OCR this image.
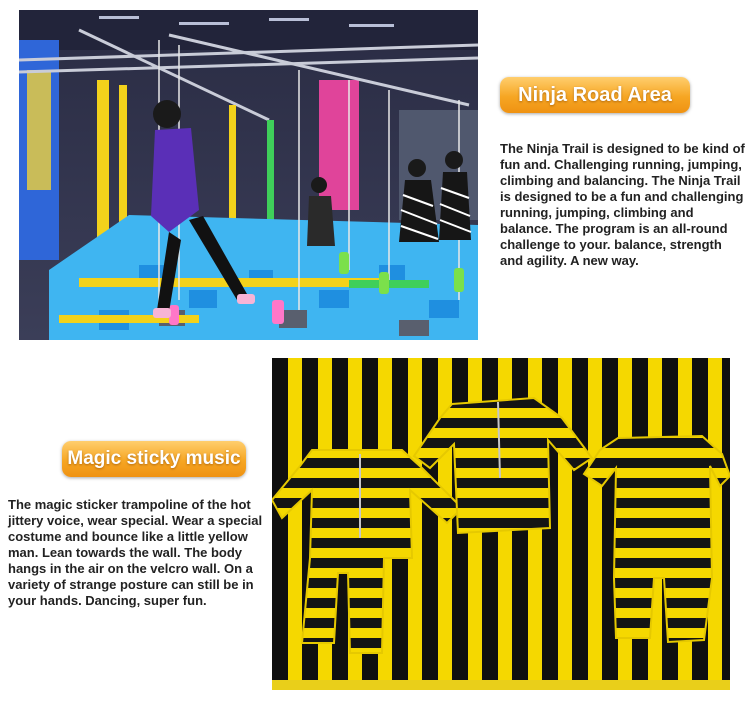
Ninja Road Area
The Ninja Trail is designed to be kind of fun and. Challenging running, jumping, climbing and balancing. The Ninja Trail is designed to be a fun and challenging running, jumping, climbing and balance. The program is an all-round challenge to your. balance, strength and agility. A new way.
Magic sticky music
The magic sticker trampoline of the hot jittery voice, wear special. Wear a special costume and bounce like a little yellow man. Lean towards the wall. The body hangs in the air on the velcro wall. On a variety of strange posture can still be in your hands. Dancing, super fun.
